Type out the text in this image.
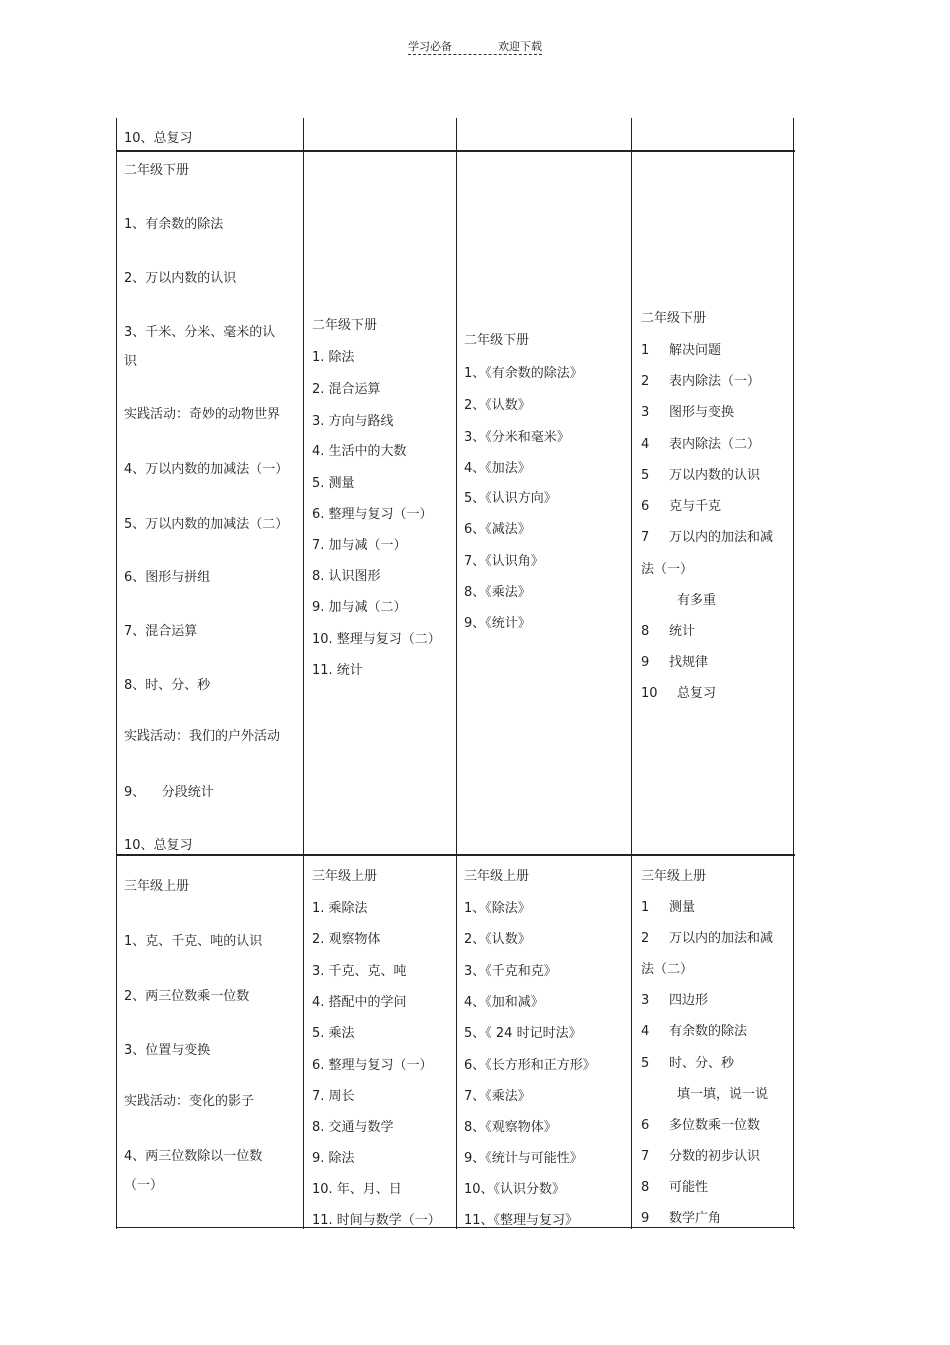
学习必备	欢迎下载
10、总复习
二年级下册
1、有余数的除法
2、万以内数的认识
3、千米、分米、毫米的认
识
实践活动：奇妙的动物世界
4、万以内数的加减法（一）
5、万以内数的加减法（二）
6、图形与拼组
7、混合运算
8、时、分、秒
实践活动：我们的户外活动
9、    分段统计
10、总复习
二年级下册
1. 除法
2. 混合运算
3. 方向与路线
4. 生活中的大数
5. 测量
6. 整理与复习（一）
7. 加与减（一）
8. 认识图形
9. 加与减（二）
10. 整理与复习（二）
11. 统计
二年级下册
1、《有余数的除法》
2、《认数》
3、《分米和毫米》
4、《加法》
5、《认识方向》
6、《减法》
7、《认识角》
8、《乘法》
9、《统计》
二年级下册
1 解决问题
2 表内除法（一）
3 图形与变换
4 表内除法（二）
5 万以内数的认识
6 克与千克
7 万以内的加法和减
法（一）
有多重
8 统计
9 找规律
10 总复习
三年级上册
1、克、千克、吨的认识
2、两三位数乘一位数
3、位置与变换
实践活动：变化的影子
4、两三位数除以一位数
（一）
三年级上册
1. 乘除法
2. 观察物体
3. 千克、克、吨
4. 搭配中的学问
5. 乘法
6. 整理与复习（一）
7. 周长
8. 交通与数学
9. 除法
10. 年、月、日
11. 时间与数学（一）
三年级上册
1、《除法》
2、《认数》
3、《千克和克》
4、《加和减》
5、《 24 时记时法》
6、《长方形和正方形》
7、《乘法》
8、《观察物体》
9、《统计与可能性》
10、《认识分数》
11、《整理与复习》
三年级上册
1 测量
2 万以内的加法和减
法（二）
3 四边形
4 有余数的除法
5 时、分、秒
填一填，说一说
6 多位数乘一位数
7 分数的初步认识
8 可能性
9 数学广角
